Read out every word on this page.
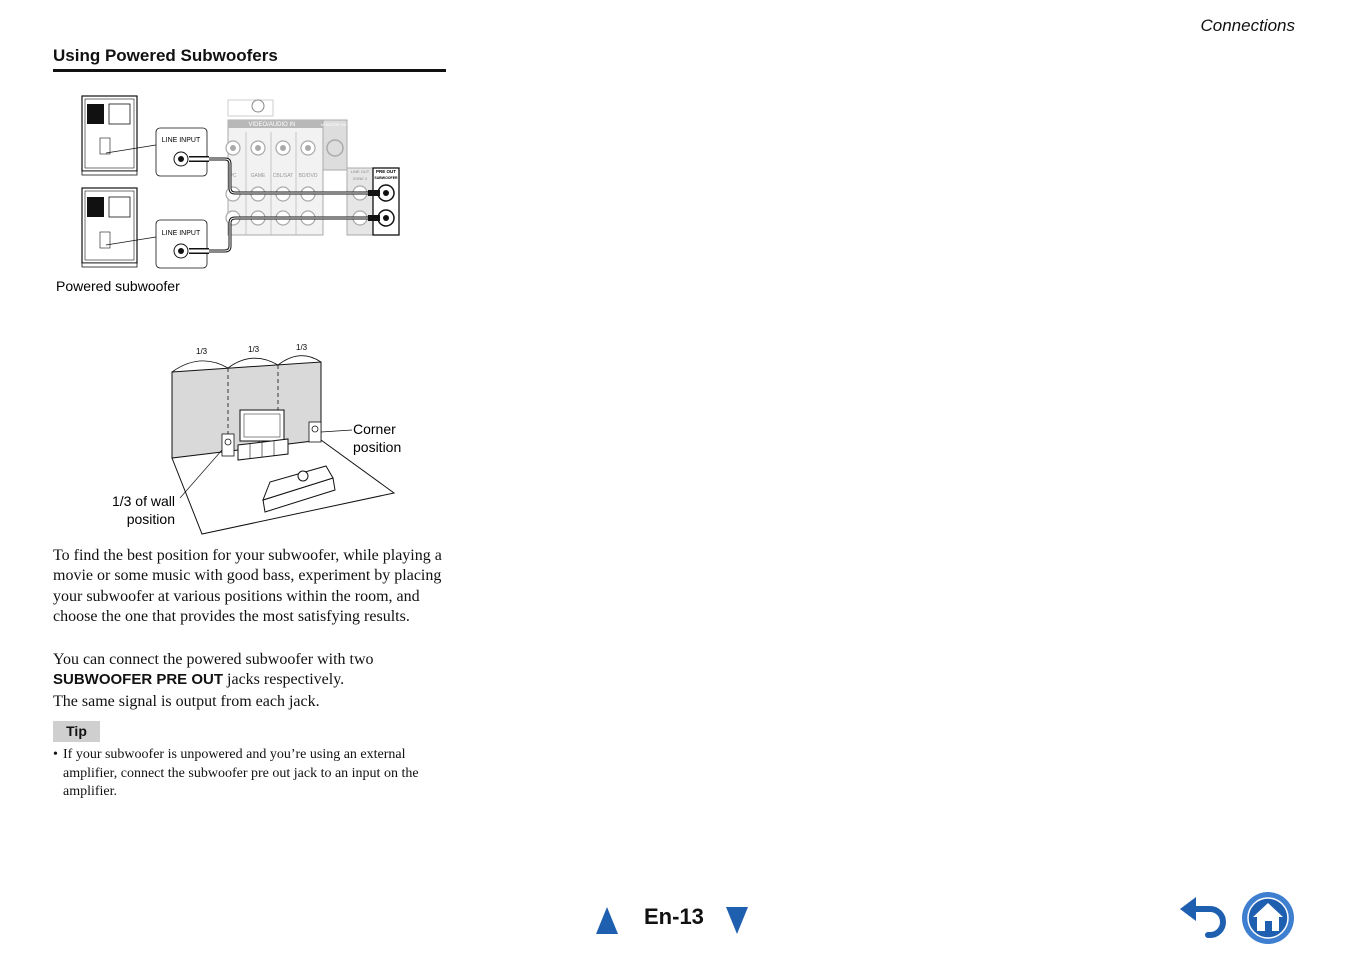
Connections
Using Powered Subwoofers
LINE INPUT
LINE INPUT
VIDEO/AUDIO IN	MONITOR OUT
PC	GAME CBL/SAT BD/DVD
LINE OUT
ZONE 2
PRE OUT
SUBWOOFER
Powered subwoofer
1/3	1/3	1/3
Corner
position
1/3 of wall
position

To find the best position for your subwoofer, while playing a movie or some music with good bass, experiment by placing your subwoofer at various positions within the room, and choose the one that provides the most satisfying results.

You can connect the powered subwoofer with two
SUBWOOFER PRE OUT jacks respectively.

The same signal is output from each jack.

Tip
• If your subwoofer is unpowered and you’re using an external amplifier, connect the subwoofer pre out jack to an input on the amplifier.
En-13
